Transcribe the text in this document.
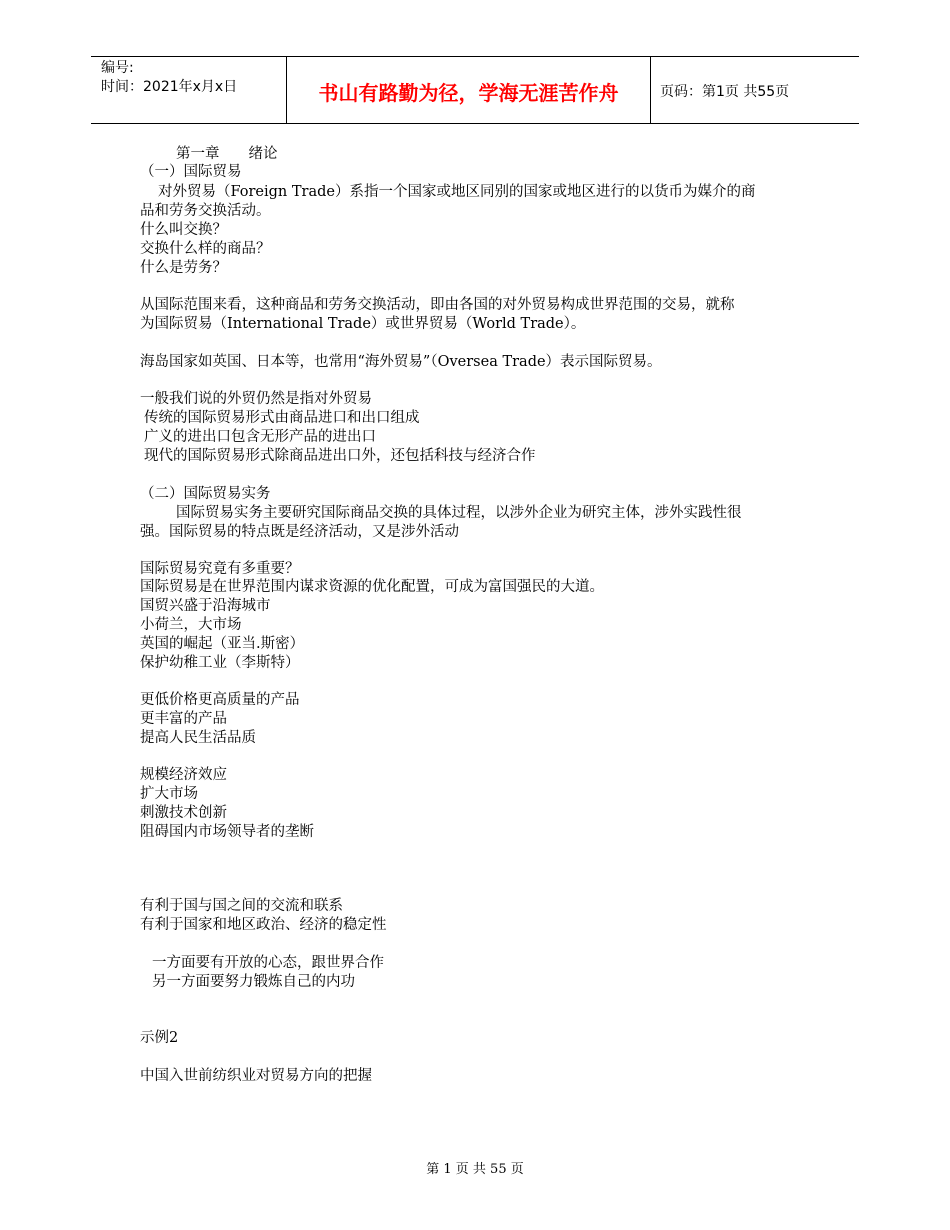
编号:
时间：2021年x月x日	书山有路勤为径，学海无涯苦作舟	页码：第1页 共55页
第一章　　绪论
（一）国际贸易
对外贸易（Foreign Trade）系指一个国家或地区同别的国家或地区进行的以货币为媒介的商
品和劳务交换活动。
什么叫交换？
交换什么样的商品？
什么是劳务？
从国际范围来看，这种商品和劳务交换活动，即由各国的对外贸易构成世界范围的交易，就称
为国际贸易（International Trade）或世界贸易（World Trade）。
海岛国家如英国、日本等，也常用“海外贸易”（Oversea Trade）表示国际贸易。
一般我们说的外贸仍然是指对外贸易
传统的国际贸易形式由商品进口和出口组成
广义的进出口包含无形产品的进出口
现代的国际贸易形式除商品进出口外，还包括科技与经济合作
（二）国际贸易实务
国际贸易实务主要研究国际商品交换的具体过程，以涉外企业为研究主体，涉外实践性很
强。国际贸易的特点既是经济活动，又是涉外活动
国际贸易究竟有多重要？
国际贸易是在世界范围内谋求资源的优化配置，可成为富国强民的大道。
国贸兴盛于沿海城市
小荷兰，大市场
英国的崛起（亚当.斯密）
保护幼稚工业（李斯特）
更低价格更高质量的产品
更丰富的产品
提高人民生活品质
规模经济效应
扩大市场
刺激技术创新
阻碍国内市场领导者的垄断
有利于国与国之间的交流和联系
有利于国家和地区政治、经济的稳定性
一方面要有开放的心态，跟世界合作
另一方面要努力锻炼自己的内功
示例2
中国入世前纺织业对贸易方向的把握
第 1 页 共 55 页
